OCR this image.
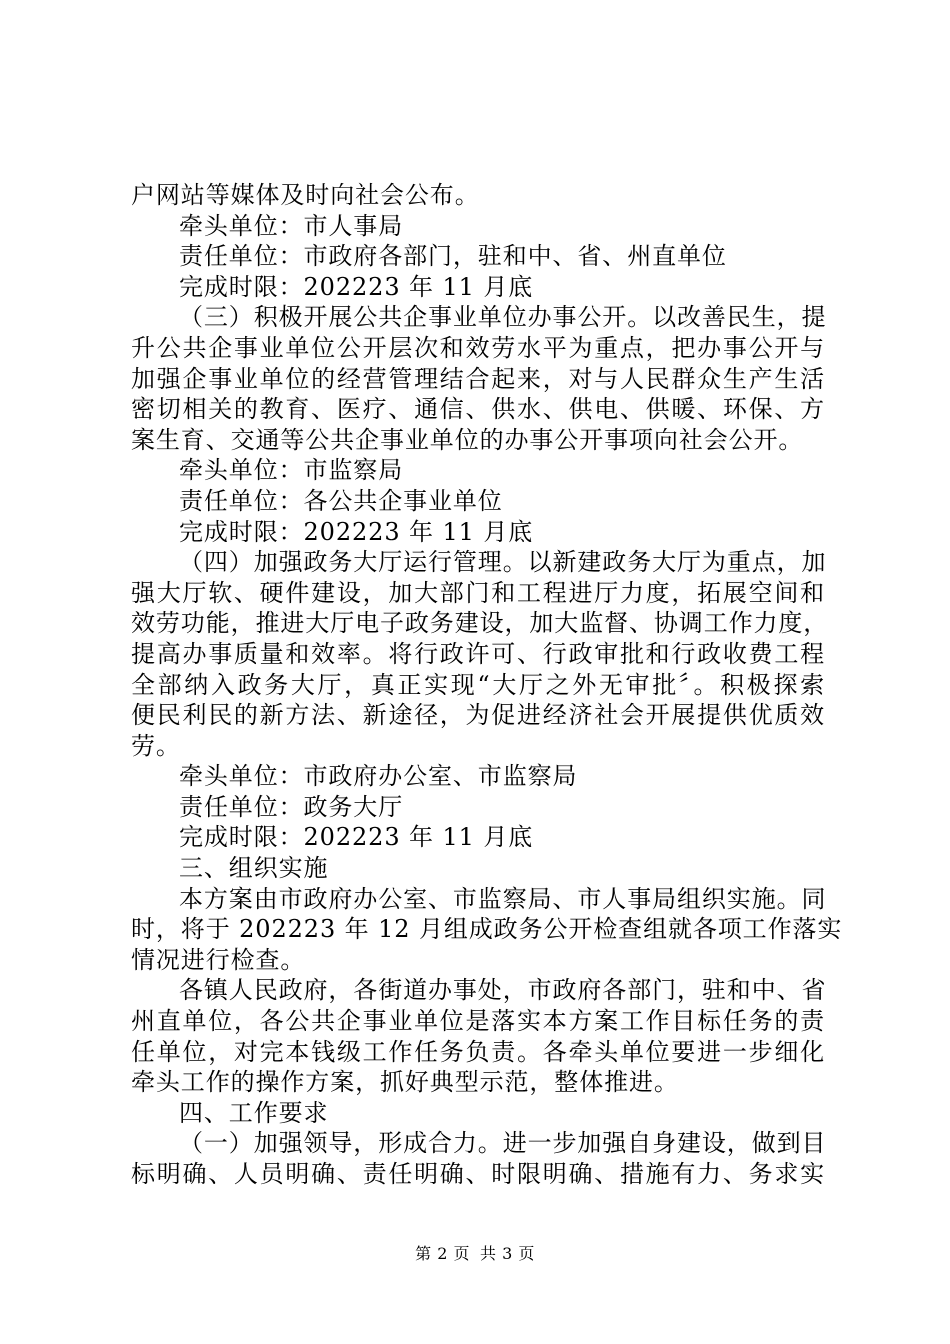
户网站等媒体及时向社会公布。
牵头单位：市人事局
责任单位：市政府各部门，驻和中、省、州直单位
完成时限：202223 年 11 月底
（三）积极开展公共企事业单位办事公开。以改善民生，提
升公共企事业单位公开层次和效劳水平为重点，把办事公开与
加强企事业单位的经营管理结合起来，对与人民群众生产生活
密切相关的教育、医疗、通信、供水、供电、供暖、环保、方
案生育、交通等公共企事业单位的办事公开事项向社会公开。
牵头单位：市监察局
责任单位：各公共企事业单位
完成时限：202223 年 11 月底
（四）加强政务大厅运行管理。以新建政务大厅为重点，加
强大厅软、硬件建设，加大部门和工程进厅力度，拓展空间和
效劳功能，推进大厅电子政务建设，加大监督、协调工作力度，
提高办事质量和效率。将行政许可、行政审批和行政收费工程
全部纳入政务大厅，真正实现“大厅之外无审批〞。积极探索
便民利民的新方法、新途径，为促进经济社会开展提供优质效
劳。
牵头单位：市政府办公室、市监察局
责任单位：政务大厅
完成时限：202223 年 11 月底
三、组织实施
本方案由市政府办公室、市监察局、市人事局组织实施。同
时，将于 202223 年 12 月组成政务公开检查组就各项工作落实
情况进行检查。
各镇人民政府，各街道办事处，市政府各部门，驻和中、省
州直单位，各公共企事业单位是落实本方案工作目标任务的责
任单位，对完本钱级工作任务负责。各牵头单位要进一步细化
牵头工作的操作方案，抓好典型示范，整体推进。
四、工作要求
（一）加强领导，形成合力。进一步加强自身建设，做到目
标明确、人员明确、责任明确、时限明确、措施有力、务求实
第 2 页 共 3 页
